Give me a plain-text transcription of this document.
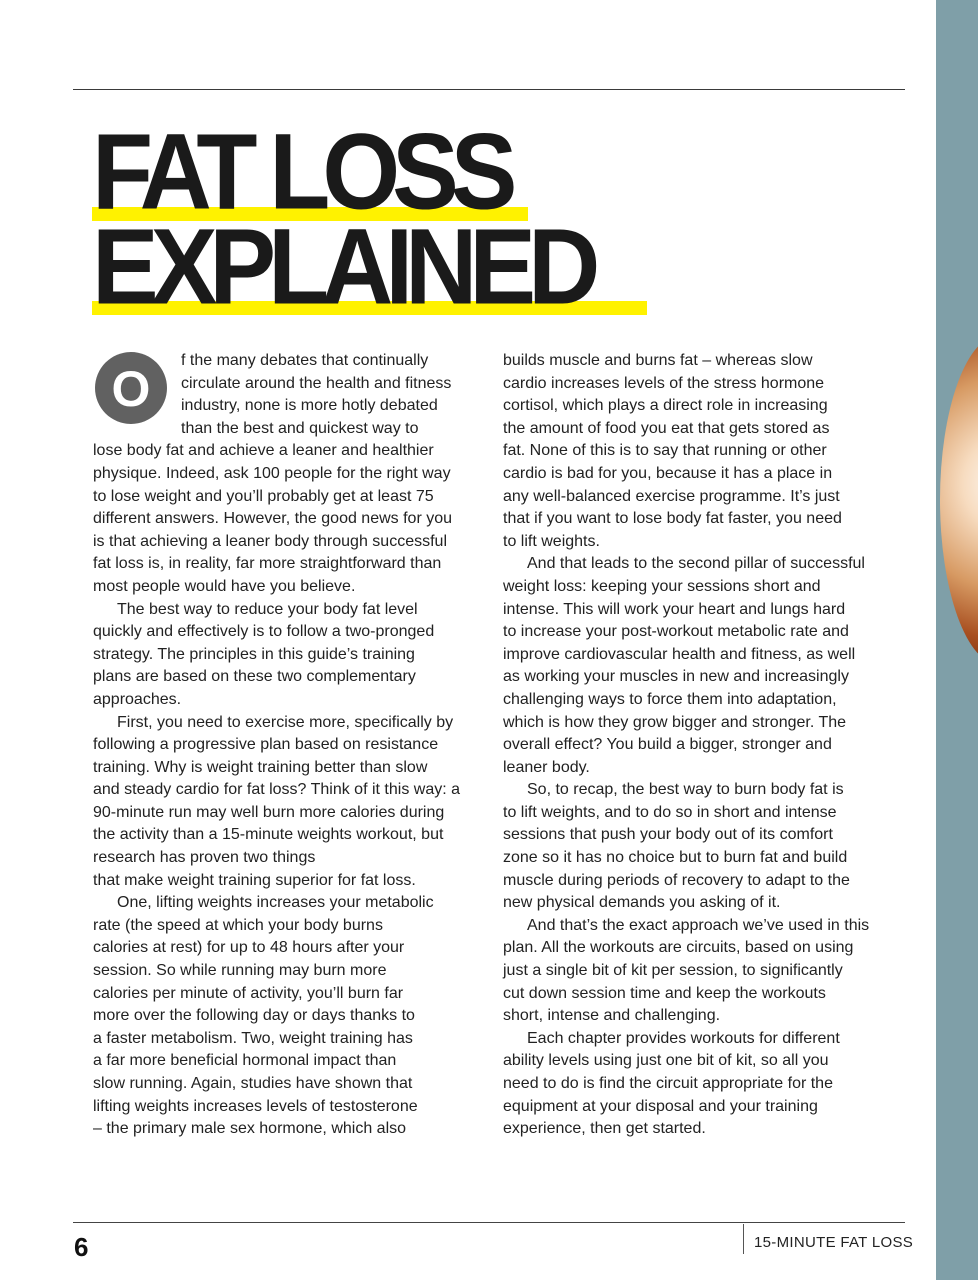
FAT LOSS
EXPLAINED
O
f the many debates that continually
circulate around the health and fitness
industry, none is more hotly debated
than the best and quickest way to
lose body fat and achieve a leaner and healthier
physique. Indeed, ask 100 people for the right way
to lose weight and you’ll probably get at least 75
different answers. However, the good news for you
is that achieving a leaner body through successful
fat loss is, in reality, far more straightforward than
most people would have you believe.
The best way to reduce your body fat level
quickly and effectively is to follow a two-pronged
strategy. The principles in this guide’s training
plans are based on these two complementary
approaches.
First, you need to exercise more, specifically by
following a progressive plan based on resistance
training. Why is weight training better than slow
and steady cardio for fat loss? Think of it this way: a
90-minute run may well burn more calories during
the activity than a 15-minute weights workout, but
research has proven two things
that make weight training superior for fat loss.
One, lifting weights increases your metabolic
rate (the speed at which your body burns
calories at rest) for up to 48 hours after your
session. So while running may burn more
calories per minute of activity, you’ll burn far
more over the following day or days thanks to
a faster metabolism. Two, weight training has
a far more beneficial hormonal impact than
slow running. Again, studies have shown that
lifting weights increases levels of testosterone
– the primary male sex hormone, which also
builds muscle and burns fat – whereas slow
cardio increases levels of the stress hormone
cortisol, which plays a direct role in increasing
the amount of food you eat that gets stored as
fat. None of this is to say that running or other
cardio is bad for you, because it has a place in
any well-balanced exercise programme. It’s just
that if you want to lose body fat faster, you need
to lift weights.
And that leads to the second pillar of successful
weight loss: keeping your sessions short and
intense. This will work your heart and lungs hard
to increase your post-workout metabolic rate and
improve cardiovascular health and fitness, as well
as working your muscles in new and increasingly
challenging ways to force them into adaptation,
which is how they grow bigger and stronger. The
overall effect? You build a bigger, stronger and
leaner body.
So, to recap, the best way to burn body fat is
to lift weights, and to do so in short and intense
sessions that push your body out of its comfort
zone so it has no choice but to burn fat and build
muscle during periods of recovery to adapt to the
new physical demands you asking of it.
And that’s the exact approach we’ve used in this
plan. All the workouts are circuits, based on using
just a single bit of kit per session, to significantly
cut down session time and keep the workouts
short, intense and challenging.
Each chapter provides workouts for different
ability levels using just one bit of kit, so all you
need to do is find the circuit appropriate for the
equipment at your disposal and your training
experience, then get started.
6	15-MINUTE FAT LOSS
